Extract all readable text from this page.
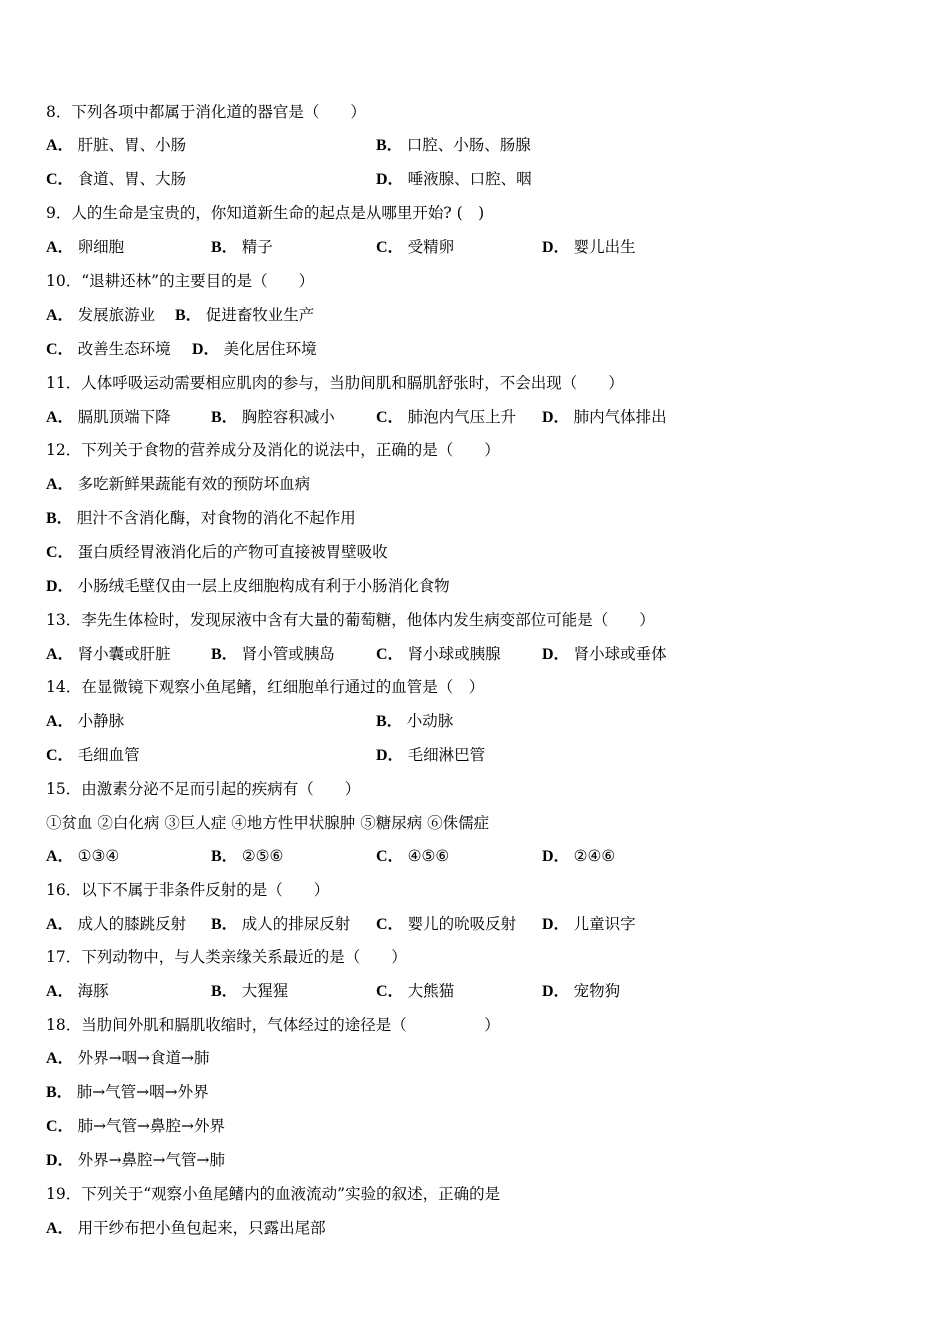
8．下列各项中都属于消化道的器官是（　　）
A． 肝脏、胃、小肠	B． 口腔、小肠、肠腺
C． 食道、胃、大肠	D． 唾液腺、口腔、咽
9．人的生命是宝贵的，你知道新生命的起点是从哪里开始? (　)
A． 卵细胞	B． 精子	C． 受精卵	D． 婴儿出生
10．“退耕还林”的主要目的是（　　）
A． 发展旅游业 B． 促进畜牧业生产
C． 改善生态环境 D． 美化居住环境
11．人体呼吸运动需要相应肌肉的参与，当肋间肌和膈肌舒张时，不会出现（　　）
A． 膈肌顶端下降	B． 胸腔容积减小	C． 肺泡内气压上升 D． 肺内气体排出
12．下列关于食物的营养成分及消化的说法中，正确的是（　　）
A． 多吃新鲜果蔬能有效的预防坏血病
B． 胆汁不含消化酶，对食物的消化不起作用
C． 蛋白质经胃液消化后的产物可直接被胃壁吸收
D． 小肠绒毛壁仅由一层上皮细胞构成有利于小肠消化食物
13．李先生体检时，发现尿液中含有大量的葡萄糖，他体内发生病变部位可能是（　　）
A． 肾小囊或肝脏	B． 肾小管或胰岛	C． 肾小球或胰腺	D． 肾小球或垂体
14．在显微镜下观察小鱼尾鳍，红细胞单行通过的血管是（　）
A． 小静脉	B． 小动脉
C． 毛细血管	D． 毛细淋巴管
15．由激素分泌不足而引起的疾病有（　　）
①贫血 ②白化病 ③巨人症 ④地方性甲状腺肿 ⑤糖尿病 ⑥侏儒症
A． ①③④	B． ②⑤⑥	C． ④⑤⑥	D． ②④⑥
16．以下不属于非条件反射的是（　　）
A． 成人的膝跳反射 B． 成人的排尿反射 C． 婴儿的吮吸反射 D． 儿童识字
17．下列动物中，与人类亲缘关系最近的是（　　）
A． 海豚	B． 大猩猩	C． 大熊猫	D． 宠物狗
18．当肋间外肌和膈肌收缩时，气体经过的途径是（　　　　　）
A． 外界→咽→食道→肺
B． 肺→气管→咽→外界
C． 肺→气管→鼻腔→外界
D． 外界→鼻腔→气管→肺
19．下列关于“观察小鱼尾鳍内的血液流动”实验的叙述，正确的是
A． 用干纱布把小鱼包起来，只露出尾部
